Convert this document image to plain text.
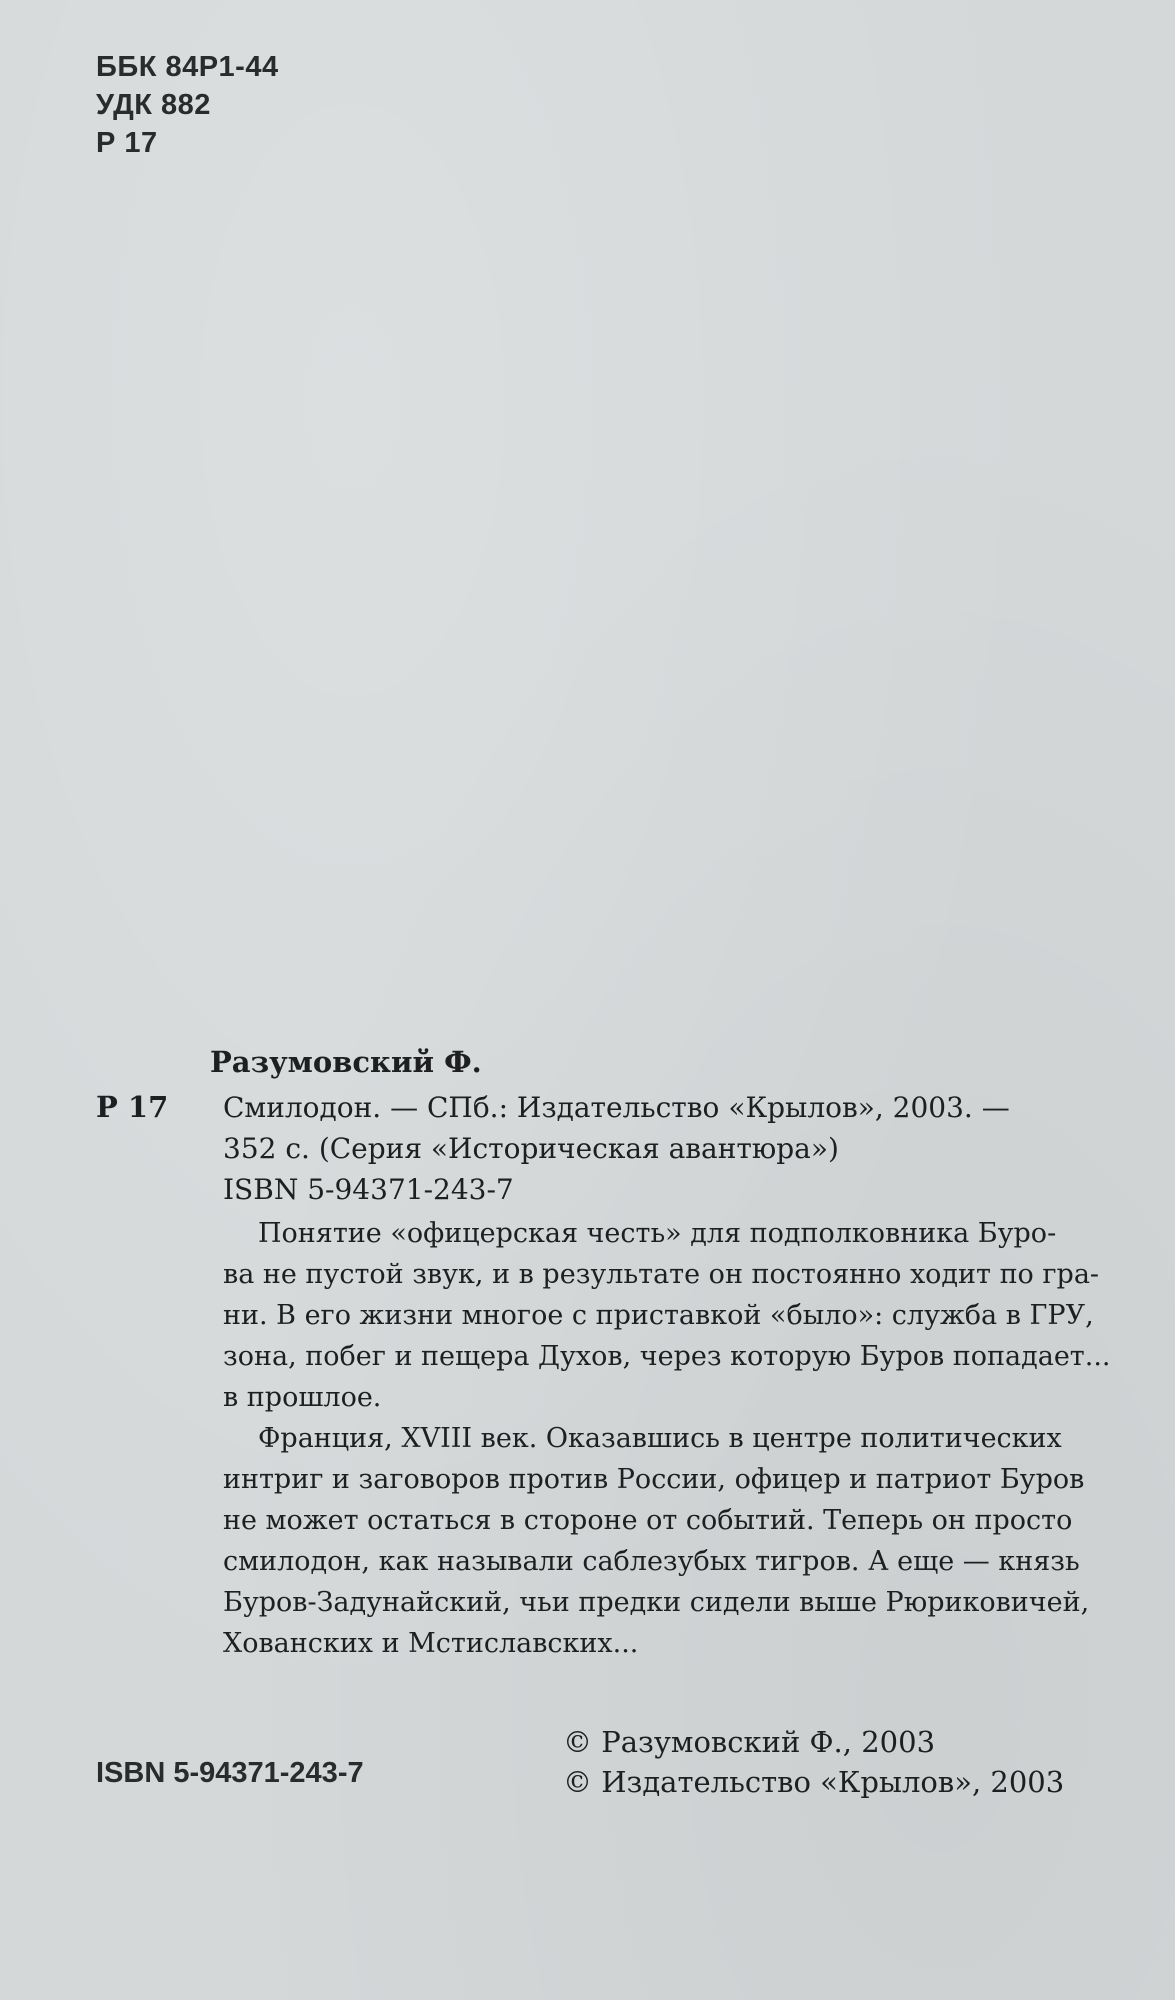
ББК 84Р1-44
УДК 882
Р 17
Разумовский Ф.
Р 17 Смилодон. — СПб.: Издательство «Крылов», 2003. —
352 с. (Серия «Историческая авантюра»)
ISBN 5-94371-243-7
Понятие «офицерская честь» для подполковника Буро-
ва не пустой звук, и в результате он постоянно ходит по гра-
ни. В его жизни многое с приставкой «было»: служба в ГРУ,
зона, побег и пещера Духов, через которую Буров попадает...
в прошлое.
Франция, XVIII век. Оказавшись в центре политических
интриг и заговоров против России, офицер и патриот Буров
не может остаться в стороне от событий. Теперь он просто
смилодон, как называли саблезубых тигров. А еще — князь
Буров-Задунайский, чьи предки сидели выше Рюриковичей,
Хованских и Мстиславских...
ISBN 5-94371-243-7
© Разумовский Ф., 2003
© Издательство «Крылов», 2003
